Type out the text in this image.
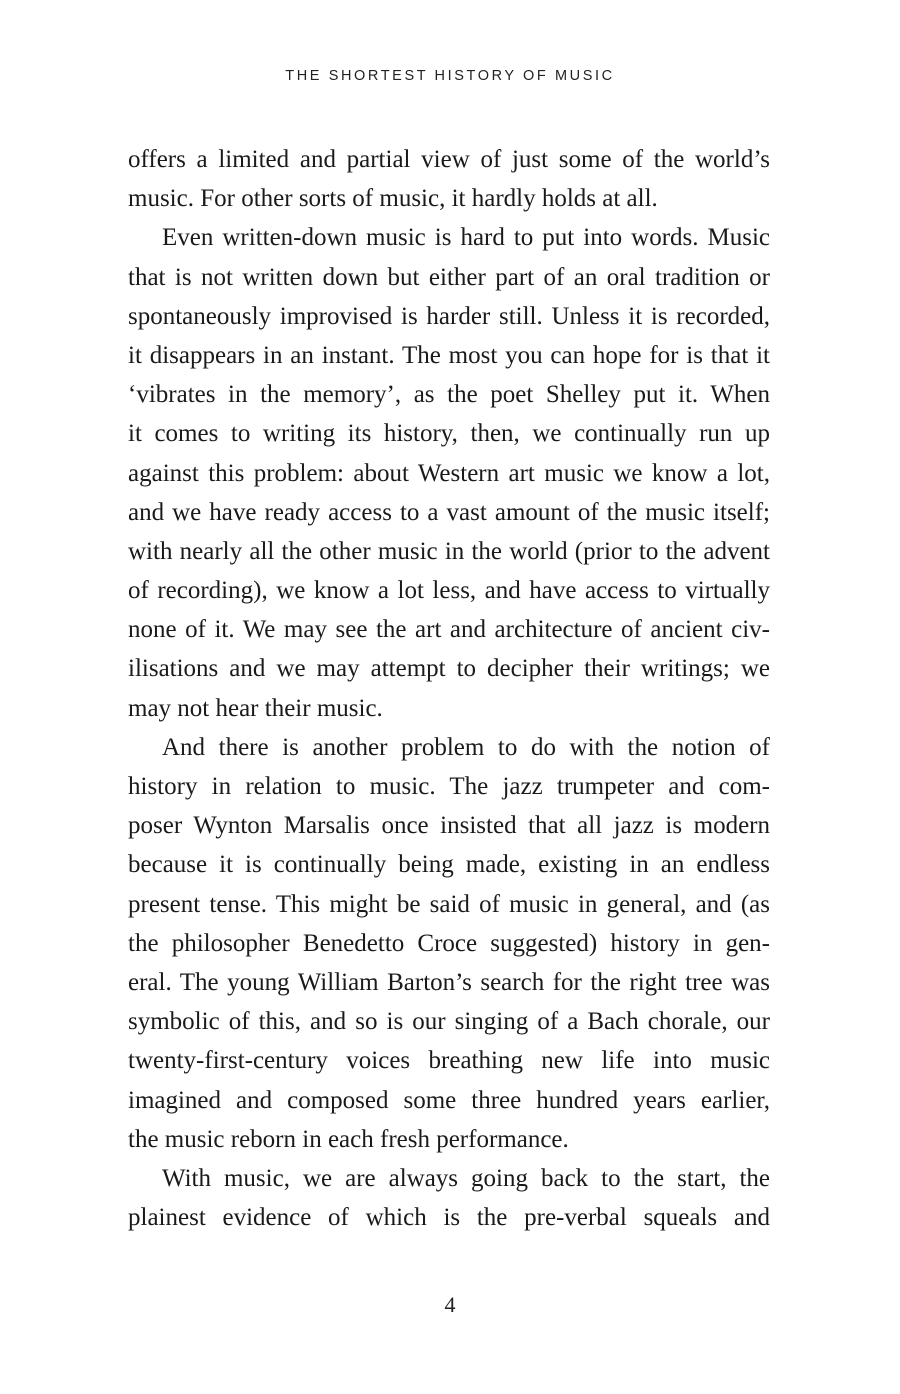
THE SHORTEST HISTORY OF MUSIC
offers a limited and partial view of just some of the world’s
music. For other sorts of music, it hardly holds at all.
Even written-down music is hard to put into words. Music
that is not written down but either part of an oral tradition or
spontaneously improvised is harder still. Unless it is recorded,
it disappears in an instant. The most you can hope for is that it
‘vibrates in the memory’, as the poet Shelley put it. When
it comes to writing its history, then, we continually run up
against this problem: about Western art music we know a lot,
and we have ready access to a vast amount of the music itself;
with nearly all the other music in the world (prior to the advent
of recording), we know a lot less, and have access to virtually
none of it. We may see the art and architecture of ancient civ-
ilisations and we may attempt to decipher their writings; we
may not hear their music.
And there is another problem to do with the notion of
history in relation to music. The jazz trumpeter and com-
poser Wynton Marsalis once insisted that all jazz is modern
because it is continually being made, existing in an endless
present tense. This might be said of music in general, and (as
the philosopher Benedetto Croce suggested) history in gen-
eral. The young William Barton’s search for the right tree was
symbolic of this, and so is our singing of a Bach chorale, our
twenty-first-century voices breathing new life into music
imagined and composed some three hundred years earlier,
the music reborn in each fresh performance.
With music, we are always going back to the start, the
plainest evidence of which is the pre-verbal squeals and
4
